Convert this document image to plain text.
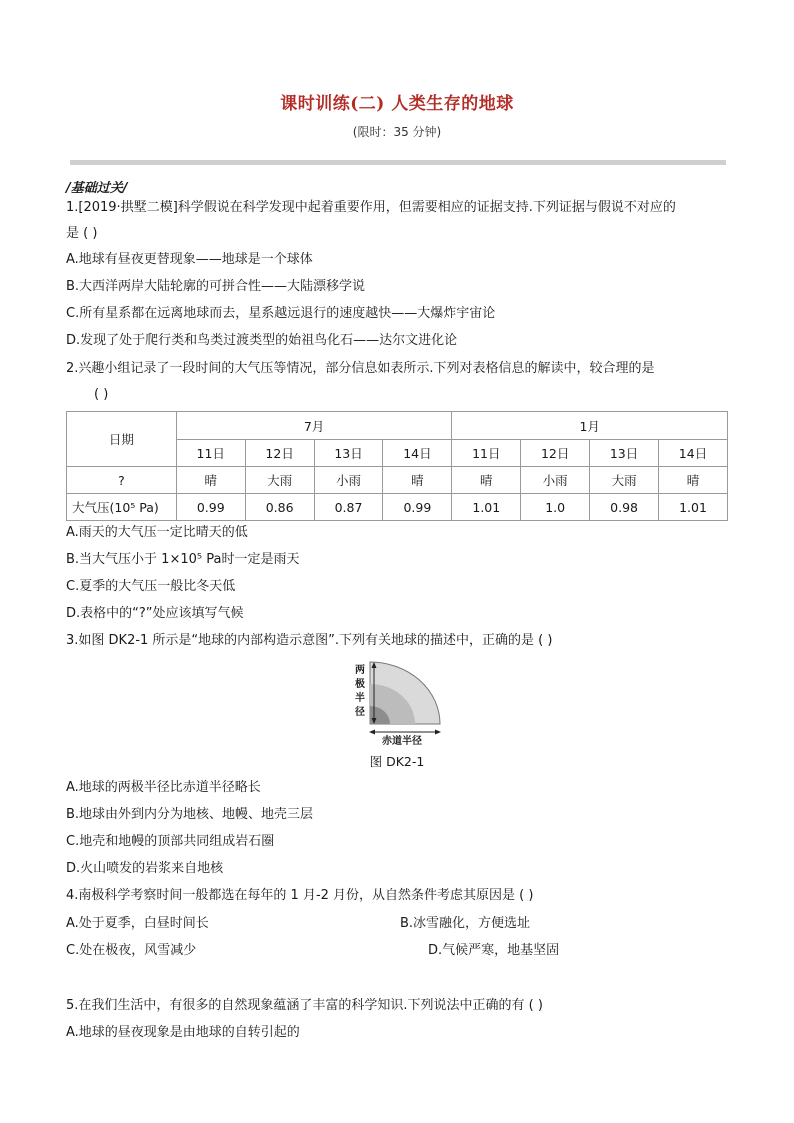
课时训练(二) 人类生存的地球
(限时：35 分钟)
/基础过关/
1.[2019·拱墅二模]科学假说在科学发现中起着重要作用，但需要相应的证据支持.下列证据与假说不对应的
是 ( )
A.地球有昼夜更替现象——地球是一个球体
B.大西洋两岸大陆轮廓的可拼合性——大陆漂移学说
C.所有星系都在远离地球而去，星系越远退行的速度越快——大爆炸宇宙论
D.发现了处于爬行类和鸟类过渡类型的始祖鸟化石——达尔文进化论
2.兴趣小组记录了一段时间的大气压等情况，部分信息如表所示.下列对表格信息的解读中，较合理的是
( )
日期	7月				1月			
	11日	12日	13日	14日	11日	12日	13日	14日
?	晴	大雨	小雨	晴	晴	小雨	大雨	晴
大气压(10⁵ Pa)	0.99	0.86	0.87	0.99	1.01	1.0	0.98	1.01
A.雨天的大气压一定比晴天的低
B.当大气压小于 1×10⁵ Pa时一定是雨天
C.夏季的大气压一般比冬天低
D.表格中的“?”处应该填写气候
3.如图 DK2-1 所示是“地球的内部构造示意图”.下列有关地球的描述中，正确的是 ( )
两
极
半
径
赤道半径
图 DK2-1
A.地球的两极半径比赤道半径略长
B.地球由外到内分为地核、地幔、地壳三层
C.地壳和地幔的顶部共同组成岩石圈
D.火山喷发的岩浆来自地核
4.南极科学考察时间一般都选在每年的 1 月-2 月份，从自然条件考虑其原因是 ( )
A.处于夏季，白昼时间长	B.冰雪融化，方便选址
C.处在极夜，风雪减少	D.气候严寒，地基坚固
5.在我们生活中，有很多的自然现象蕴涵了丰富的科学知识.下列说法中正确的有 ( )
A.地球的昼夜现象是由地球的自转引起的
